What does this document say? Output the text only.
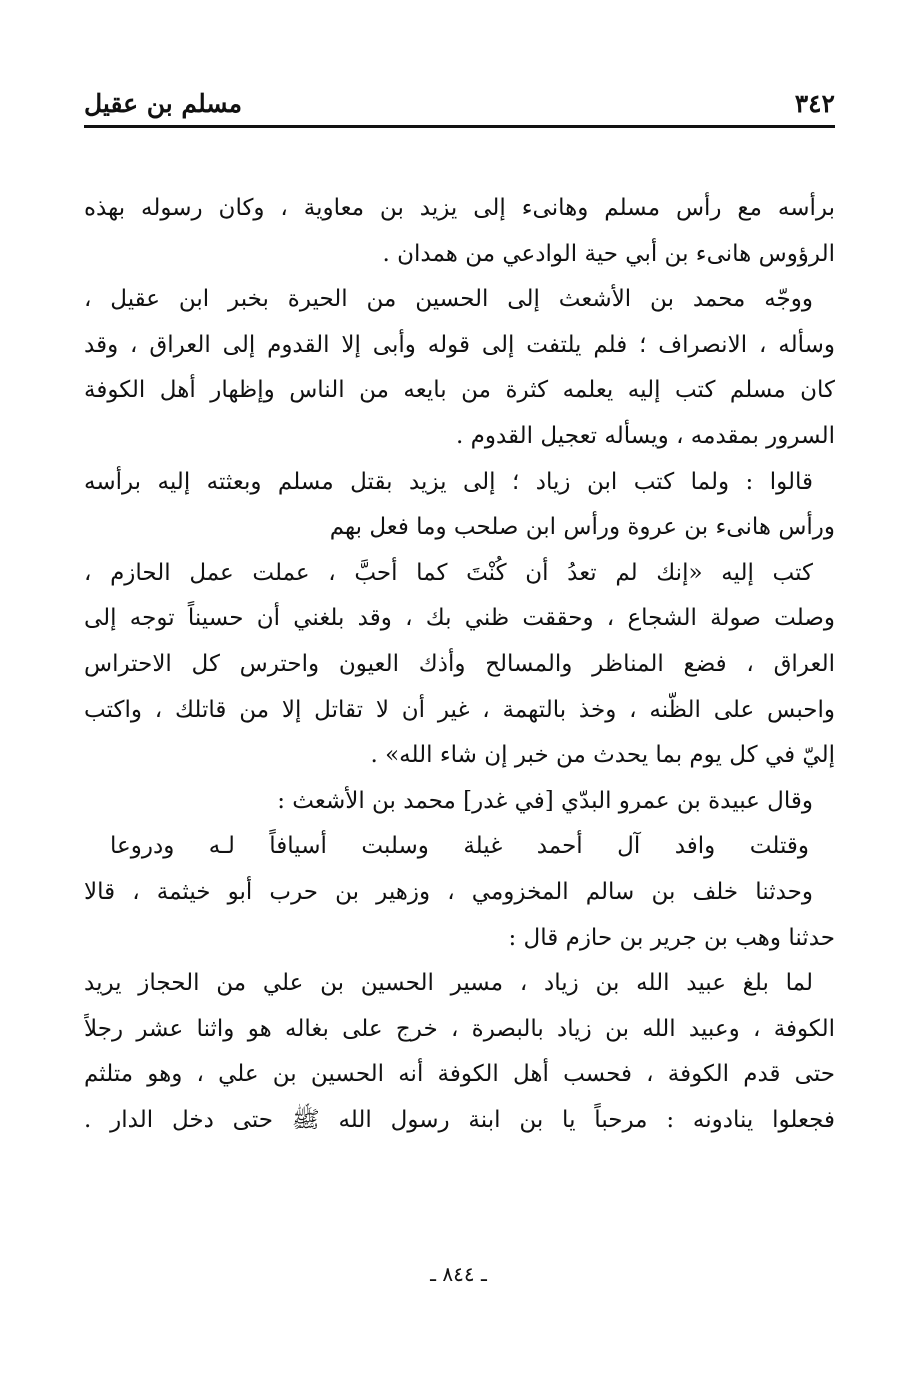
مسلم بن عقيل	٣٤٢
برأسه مع رأس مسلم وهانىء إلى يزيد بن معاوية ، وكان رسوله بهذه
الرؤوس هانىء بن أبي حية الوادعي من همدان .
ووجّه محمد بن الأشعث إلى الحسين من الحيرة بخبر ابن عقيل ،
وسأله ، الانصراف ؛ فلم يلتفت إلى قوله وأبى إلا القدوم إلى العراق ، وقد
كان مسلم كتب إليه يعلمه كثرة من بايعه من الناس وإظهار أهل الكوفة
السرور بمقدمه ، ويسأله تعجيل القدوم .
قالوا : ولما كتب ابن زياد ؛ إلى يزيد بقتل مسلم وبعثته إليه برأسه
ورأس هانىء بن عروة ورأس ابن صلحب وما فعل بهم
كتب إليه «إنك لم تعدُ أن كُنْتَ كما أحبَّ ، عملت عمل الحازم ،
وصلت صولة الشجاع ، وحققت ظني بك ، وقد بلغني أن حسيناً توجه إلى
العراق ، فضع المناظر والمسالح وأذك العيون واحترس كل الاحتراس
واحبس على الظّنه ، وخذ بالتهمة ، غير أن لا تقاتل إلا من قاتلك ، واكتب
إليّ في كل يوم بما يحدث من خبر إن شاء الله» .
وقال عبيدة بن عمرو البدّي [في غدر] محمد بن الأشعث :
وقتلت وافد آل أحمد غيلة وسلبت أسيافاً لـه ودروعا
وحدثنا خلف بن سالم المخزومي ، وزهير بن حرب أبو خيثمة ، قالا
حدثنا وهب بن جرير بن حازم قال :
لما بلغ عبيد الله بن زياد ، مسير الحسين بن علي من الحجاز يريد
الكوفة ، وعبيد الله بن زياد بالبصرة ، خرج على بغاله هو واثنا عشر رجلاً
حتى قدم الكوفة ، فحسب أهل الكوفة أنه الحسين بن علي ، وهو متلثم
فجعلوا ينادونه : مرحباً يا بن ابنة رسول الله ﷺ حتى دخل الدار .
ـ ٨٤٤ ـ
